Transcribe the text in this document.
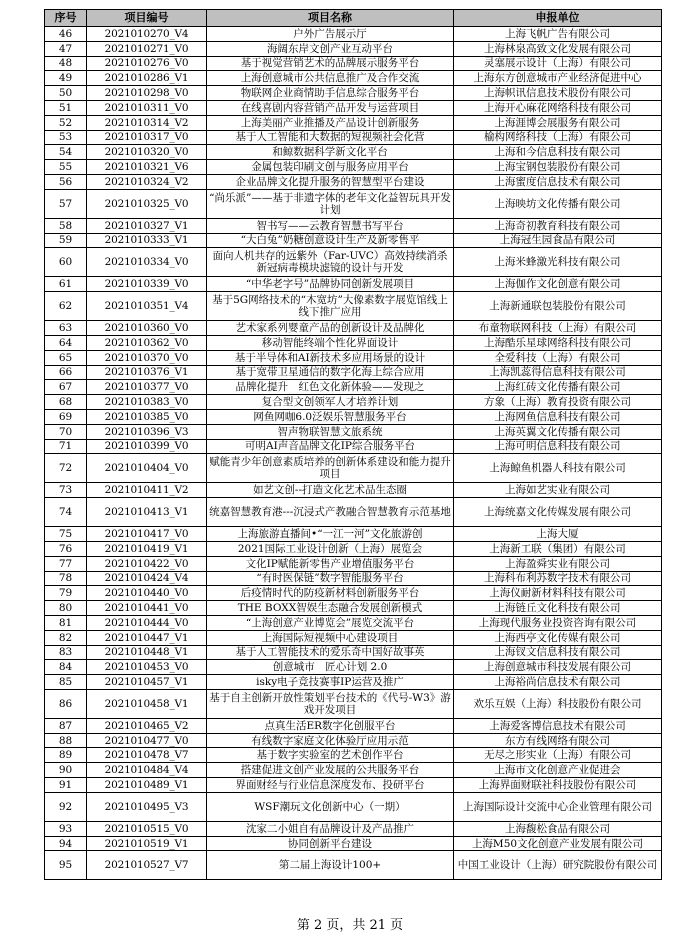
序号	项目编号	项目名称	申报单位
46	2021010270_V4	户外广告展示厅	上海飞帆广告有限公司
47	2021010271_V0	海阔东岸文创产业互动平台	上海林泉高致文化发展有限公司
48	2021010276_V0	基于视觉营销艺术的品牌展示服务平台	灵塞展示设计（上海）有限公司
49	2021010286_V1	上海创意城市公共信息推广及合作交流	上海东方创意城市产业经济促进中心
50	2021010298_V0	物联网企业商情助手信息综合服务平台	上海帜讯信息技术股份有限公司
51	2021010311_V0	在线喜剧内容营销产品开发与运营项目	上海开心麻花网络科技有限公司
52	2021010314_V2	上海美丽产业推播及产品设计创新服务	上海涯博会展服务有限公司
53	2021010317_V0	基于人工智能和大数据的短视频社会化营	榆构网络科技（上海）有限公司
54	2021010320_V0	和鲸数据科学新文化平台	上海和今信息科技有限公司
55	2021010321_V6	金属包装印刷文创与服务应用平台	上海宝钢包装股份有限公司
56	2021010324_V2	企业品牌文化提升服务的智慧型平台建设	上海蜜度信息技术有限公司
57	2021010325_V0	“尚乐派”——基于非遗字体的老年文化益智玩具开发计划	上海映坊文化传播有限公司
58	2021010327_V1	智书写——云教育智慧书写平台	上海奇初教育科技有限公司
59	2021010333_V1	“大白兔”奶糖创意设计生产及新零售平	上海冠生园食品有限公司
60	2021010334_V0	面向人机共存的远紫外（Far-UVC）高效持续消杀新冠病毒模块滤镜的设计与开发	上海米蜂激光科技有限公司
61	2021010339_V0	“中华老字号”品牌协同创新发展项目	上海伽作文化创意有限公司
62	2021010351_V4	基于5G网络技术的“木宽坊”大像素数字展览馆线上线下推广应用	上海新通联包装股份有限公司
63	2021010360_V0	艺术家系列婴童产品的创新设计及品牌化	布童物联网科技（上海）有限公司
64	2021010362_V0	移动智能终端个性化界面设计	上海酷乐星球网络科技有限公司
65	2021010370_V0	基于半导体和AI新技术多应用场景的设计	全爱科技（上海）有限公司
66	2021010376_V1	基于宽带卫星通信的数字化海上综合应用	上海凯蕊得信息科技有限公司
67	2021010377_V0	品牌化提升　红色文化新体验——发现之	上海红砖文化传播有限公司
68	2021010383_V0	复合型文创领军人才培养计划	方象（上海）教育投资有限公司
69	2021010385_V0	网鱼网咖6.0泛娱乐智慧服务平台	上海网鱼信息科技有限公司
70	2021010396_V3	智声物联智慧文旅系统	上海英翼文化传播有限公司
71	2021010399_V0	可明AI声音品牌文化IP综合服务平台	上海可明信息科技有限公司
72	2021010404_V0	赋能青少年创意素质培养的创新体系建设和能力提升项目	上海鲸鱼机器人科技有限公司
73	2021010411_V2	如艺文创--打造文化艺术品生态圈	上海如艺实业有限公司
74	2021010413_V1	统嘉智慧教育港---沉浸式产教融合智慧教育示范基地	上海统嘉文化传媒发展有限公司
75	2021010417_V0	上海旅游直播间•“一江一河”文化旅游创	上海大厦
76	2021010419_V1	2021国际工业设计创新（上海）展览会	上海新工联（集团）有限公司
77	2021010422_V0	文化IP赋能新零售产业增值服务平台	上海盈舜实业有限公司
78	2021010424_V4	“有时医保链”数字智能服务平台	上海科布利苏数字技术有限公司
79	2021010440_V0	后疫情时代的防疫新材料创新服务平台	上海仪耐新材料科技有限公司
80	2021010441_V0	THE BOXX智娱生态融合发展创新模式	上海链丘文化科技有限公司
81	2021010444_V0	“上海创意产业博览会”展览交流平台	上海现代服务业投资咨询有限公司
82	2021010447_V1	上海国际短视频中心建设项目	上海西亭文化传媒有限公司
83	2021010448_V1	基于人工智能技术的爱乐奇中国好故事英	上海钗文信息科技有限公司
84	2021010453_V0	创意城市　匠心计划 2.0	上海创意城市科技发展有限公司
85	2021010457_V1	isky电子竞技赛事IP运营及推广	上海裕尚信息技术有限公司
86	2021010458_V1	基于自主创新开放性策划平台技术的《代号-W3》游戏开发项目	欢乐互娱（上海）科技股份有限公司
87	2021010465_V2	点真生活ER数字化创服平台	上海爱客博信息技术有限公司
88	2021010477_V0	有线数字家庭文化体验厅应用示范	东方有线网络有限公司
89	2021010478_V7	基于数字实验室的艺术创作平台	无尽之形实业（上海）有限公司
90	2021010484_V4	搭建促进文创产业发展的公共服务平台	上海市文化创意产业促进会
91	2021010489_V1	界面财经与行业信息深度发布、投研平台	上海界面财联社科技股份有限公司
92	2021010495_V3	WSF潮玩文化创新中心（一期）	上海国际设计交流中心企业管理有限公司
93	2021010515_V0	沈家二小姐自有品牌设计及产品推广	上海馥松食品有限公司
94	2021010519_V1	协同创新平台建设	上海M50文化创意产业发展有限公司
95	2021010527_V7	第二届上海设计100+	中国工业设计（上海）研究院股份有限公司
第 2 页，共 21 页
